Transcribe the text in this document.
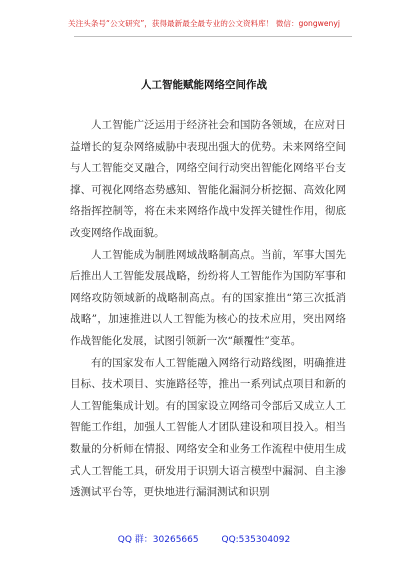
关注头条号“公文研究”，获得最新最全最专业的公文资料库！ 微信：gongwenyj
人工智能赋能网络空间作战

人工智能广泛运用于经济社会和国防各领域，在应对日益增长的复杂网络威胁中表现出强大的优势。未来网络空间与人工智能交叉融合，网络空间行动突出智能化网络平台支撑、可视化网络态势感知、智能化漏洞分析挖掘、高效化网络指挥控制等，将在未来网络作战中发挥关键性作用，彻底改变网络作战面貌。

人工智能成为制胜网域战略制高点。当前，军事大国先后推出人工智能发展战略，纷纷将人工智能作为国防军事和网络攻防领域新的战略制高点。有的国家推出“第三次抵消战略”，加速推进以人工智能为核心的技术应用，突出网络作战智能化发展，试图引领新一次“颠覆性”变革。

有的国家发布人工智能融入网络行动路线图，明确推进目标、技术项目、实施路径等，推出一系列试点项目和新的人工智能集成计划。有的国家设立网络司令部后又成立人工智能工作组，加强人工智能人才团队建设和项目投入。相当数量的分析师在情报、网络安全和业务工作流程中使用生成式人工智能工具，研发用于识别大语言模型中漏洞、自主渗透测试平台等，更快地进行漏洞测试和识别

QQ 群：30265665	QQ:535304092
